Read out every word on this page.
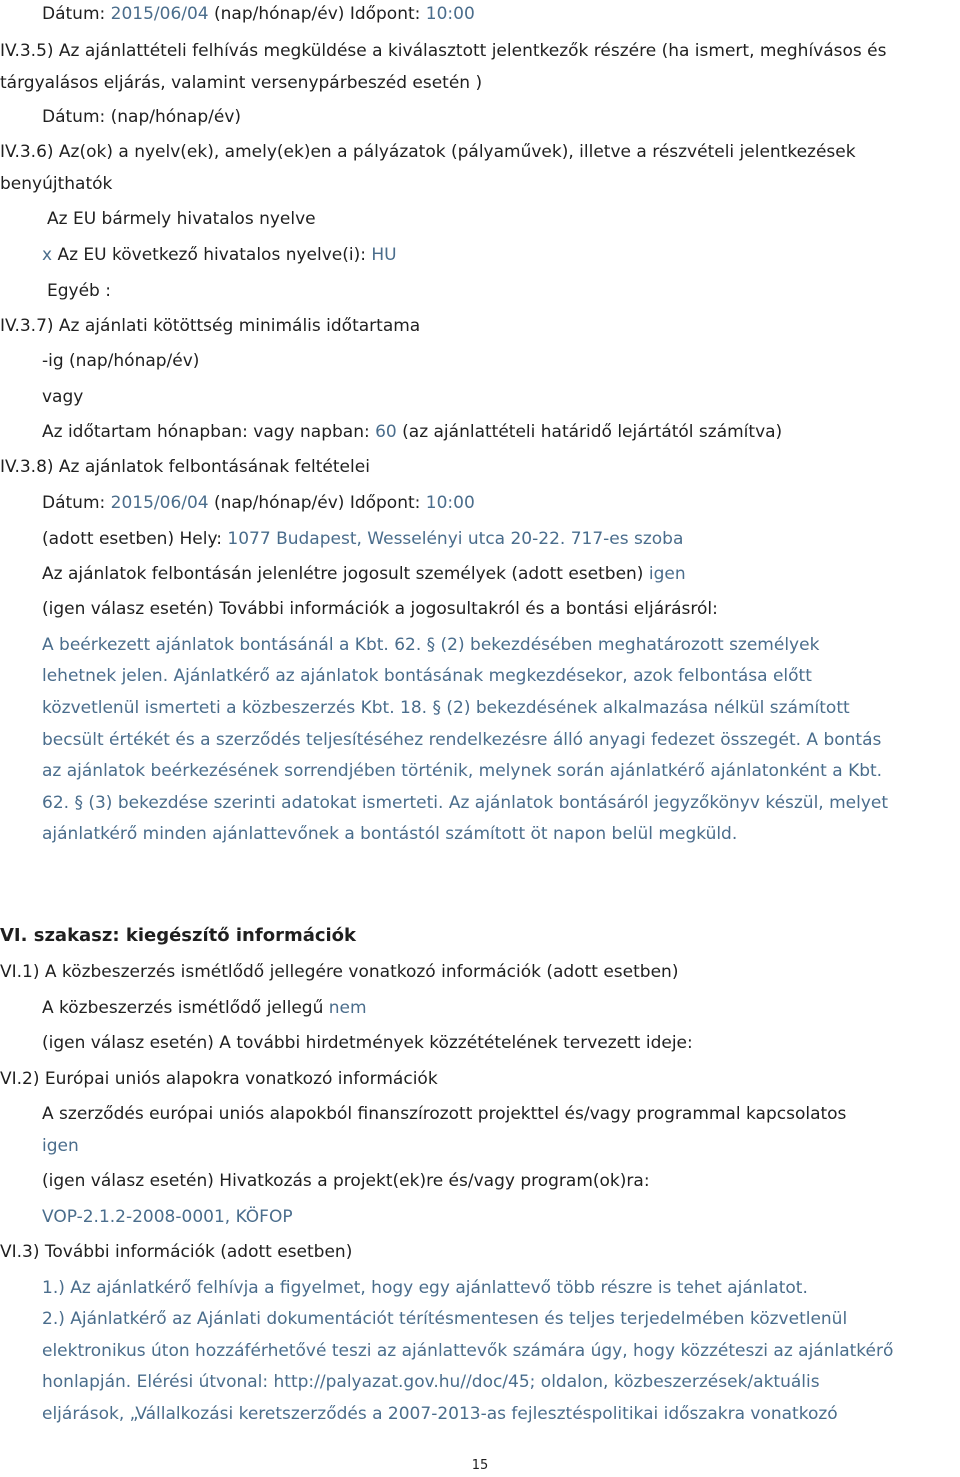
Dátum: 2015/06/04 (nap/hónap/év) Időpont: 10:00
IV.3.5) Az ajánlattételi felhívás megküldése a kiválasztott jelentkezők részére (ha ismert, meghívásos és
tárgyalásos eljárás, valamint versenypárbeszéd esetén )
Dátum: (nap/hónap/év)
IV.3.6) Az(ok) a nyelv(ek), amely(ek)en a pályázatok (pályaművek), illetve a részvételi jelentkezések
benyújthatók
Az EU bármely hivatalos nyelve
x Az EU következő hivatalos nyelve(i): HU
Egyéb :
IV.3.7) Az ajánlati kötöttség minimális időtartama
-ig (nap/hónap/év)
vagy
Az időtartam hónapban: vagy napban: 60 (az ajánlattételi határidő lejártától számítva)
IV.3.8) Az ajánlatok felbontásának feltételei
Dátum: 2015/06/04 (nap/hónap/év) Időpont: 10:00
(adott esetben) Hely: 1077 Budapest, Wesselényi utca 20-22. 717-es szoba
Az ajánlatok felbontásán jelenlétre jogosult személyek (adott esetben) igen
(igen válasz esetén) További információk a jogosultakról és a bontási eljárásról:
A beérkezett ajánlatok bontásánál a Kbt. 62. § (2) bekezdésében meghatározott személyek
lehetnek jelen. Ajánlatkérő az ajánlatok bontásának megkezdésekor, azok felbontása előtt
közvetlenül ismerteti a közbeszerzés Kbt. 18. § (2) bekezdésének alkalmazása nélkül számított
becsült értékét és a szerződés teljesítéséhez rendelkezésre álló anyagi fedezet összegét. A bontás
az ajánlatok beérkezésének sorrendjében történik, melynek során ajánlatkérő ajánlatonként a Kbt.
62. § (3) bekezdése szerinti adatokat ismerteti. Az ajánlatok bontásáról jegyzőkönyv készül, melyet
ajánlatkérő minden ajánlattevőnek a bontástól számított öt napon belül megküld.
VI. szakasz: kiegészítő információk
VI.1) A közbeszerzés ismétlődő jellegére vonatkozó információk (adott esetben)
A közbeszerzés ismétlődő jellegű nem
(igen válasz esetén) A további hirdetmények közzétételének tervezett ideje:
VI.2) Európai uniós alapokra vonatkozó információk
A szerződés európai uniós alapokból finanszírozott projekttel és/vagy programmal kapcsolatos
igen
(igen válasz esetén) Hivatkozás a projekt(ek)re és/vagy program(ok)ra:
VOP-2.1.2-2008-0001, KÖFOP
VI.3) További információk (adott esetben)
1.) Az ajánlatkérő felhívja a figyelmet, hogy egy ajánlattevő több részre is tehet ajánlatot.
2.) Ajánlatkérő az Ajánlati dokumentációt térítésmentesen és teljes terjedelmében közvetlenül
elektronikus úton hozzáférhetővé teszi az ajánlattevők számára úgy, hogy közzéteszi az ajánlatkérő
honlapján. Elérési útvonal: http://palyazat.gov.hu//doc/45; oldalon, közbeszerzések/aktuális
eljárások, „Vállalkozási keretszerződés a 2007-2013-as fejlesztéspolitikai időszakra vonatkozó
15
